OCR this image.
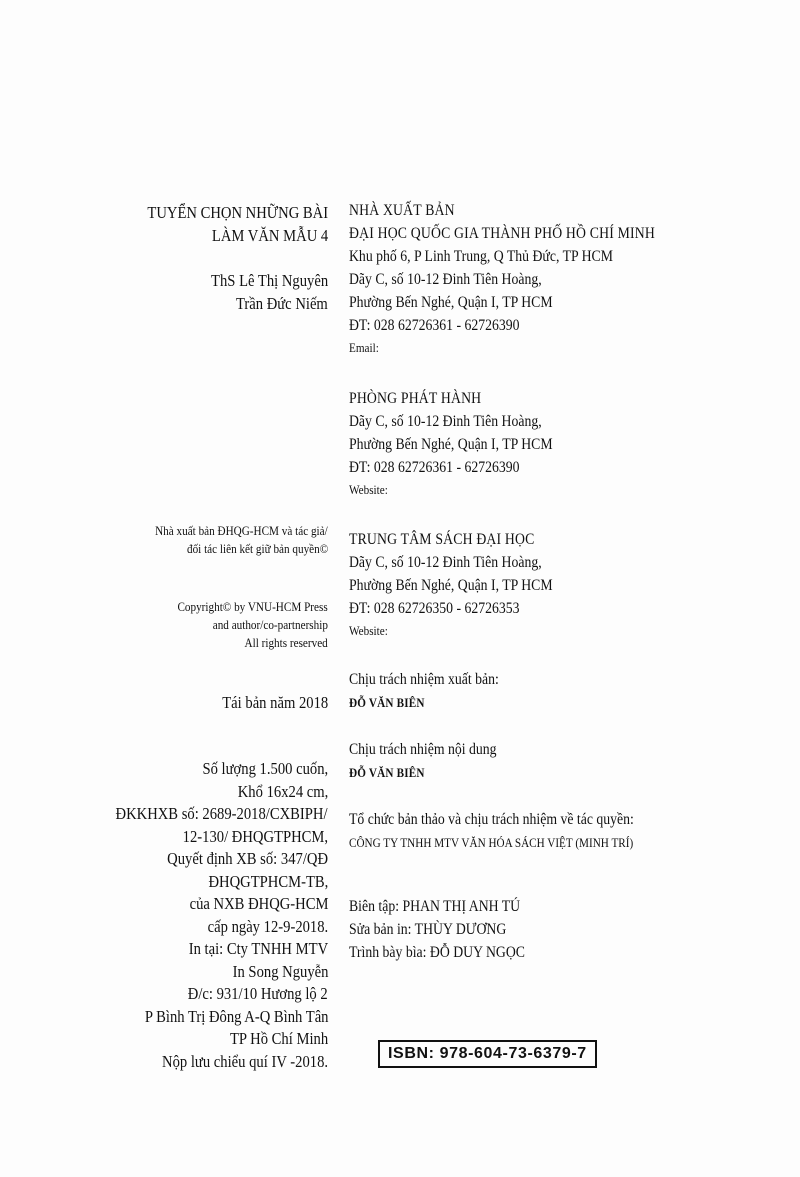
TUYỂN CHỌN NHỮNG BÀI
LÀM VĂN MẪU 4
ThS Lê Thị Nguyên
Trần Đức Niếm
Nhà xuất bản ĐHQG-HCM và tác giả/
đối tác liên kết giữ bản quyền©
Copyright© by VNU-HCM Press
and author/co-partnership
All rights reserved
Tái bản năm 2018
Số lượng 1.500 cuốn,
Khổ 16x24 cm,
ĐKKHXB số: 2689-2018/CXBIPH/
12-130/ ĐHQGTPHCM,
Quyết định XB số: 347/QĐ
ĐHQGTPHCM-TB,
của NXB ĐHQG-HCM
cấp ngày 12-9-2018.
In tại: Cty TNHH MTV
In Song Nguyễn
Đ/c: 931/10 Hương lộ 2
P Bình Trị Đông A-Q Bình Tân
TP Hồ Chí Minh
Nộp lưu chiểu quí IV -2018.
NHÀ XUẤT BẢN
ĐẠI HỌC QUỐC GIA THÀNH PHỐ HỒ CHÍ MINH
Khu phố 6, P Linh Trung, Q Thủ Đức, TP HCM
Dãy C, số 10-12 Đinh Tiên Hoàng,
Phường Bến Nghé, Quận I, TP HCM
ĐT: 028 62726361 - 62726390
Email:
PHÒNG PHÁT HÀNH
Dãy C, số 10-12 Đinh Tiên Hoàng,
Phường Bến Nghé, Quận I, TP HCM
ĐT: 028 62726361 - 62726390
Website:
TRUNG TÂM SÁCH ĐẠI HỌC
Dãy C, số 10-12 Đinh Tiên Hoàng,
Phường Bến Nghé, Quận I, TP HCM
ĐT: 028 62726350 - 62726353
Website:
Chịu trách nhiệm xuất bản:
ĐỖ VĂN BIÊN
Chịu trách nhiệm nội dung
ĐỖ VĂN BIÊN
Tổ chức bản thảo và chịu trách nhiệm về tác quyền:
CÔNG TY TNHH MTV VĂN HÓA SÁCH VIỆT (MINH TRÍ)
Biên tập: PHAN THỊ ANH TÚ
Sửa bản in: THÙY DƯƠNG
Trình bày bìa: ĐỖ DUY NGỌC
ISBN: 978-604-73-6379-7
